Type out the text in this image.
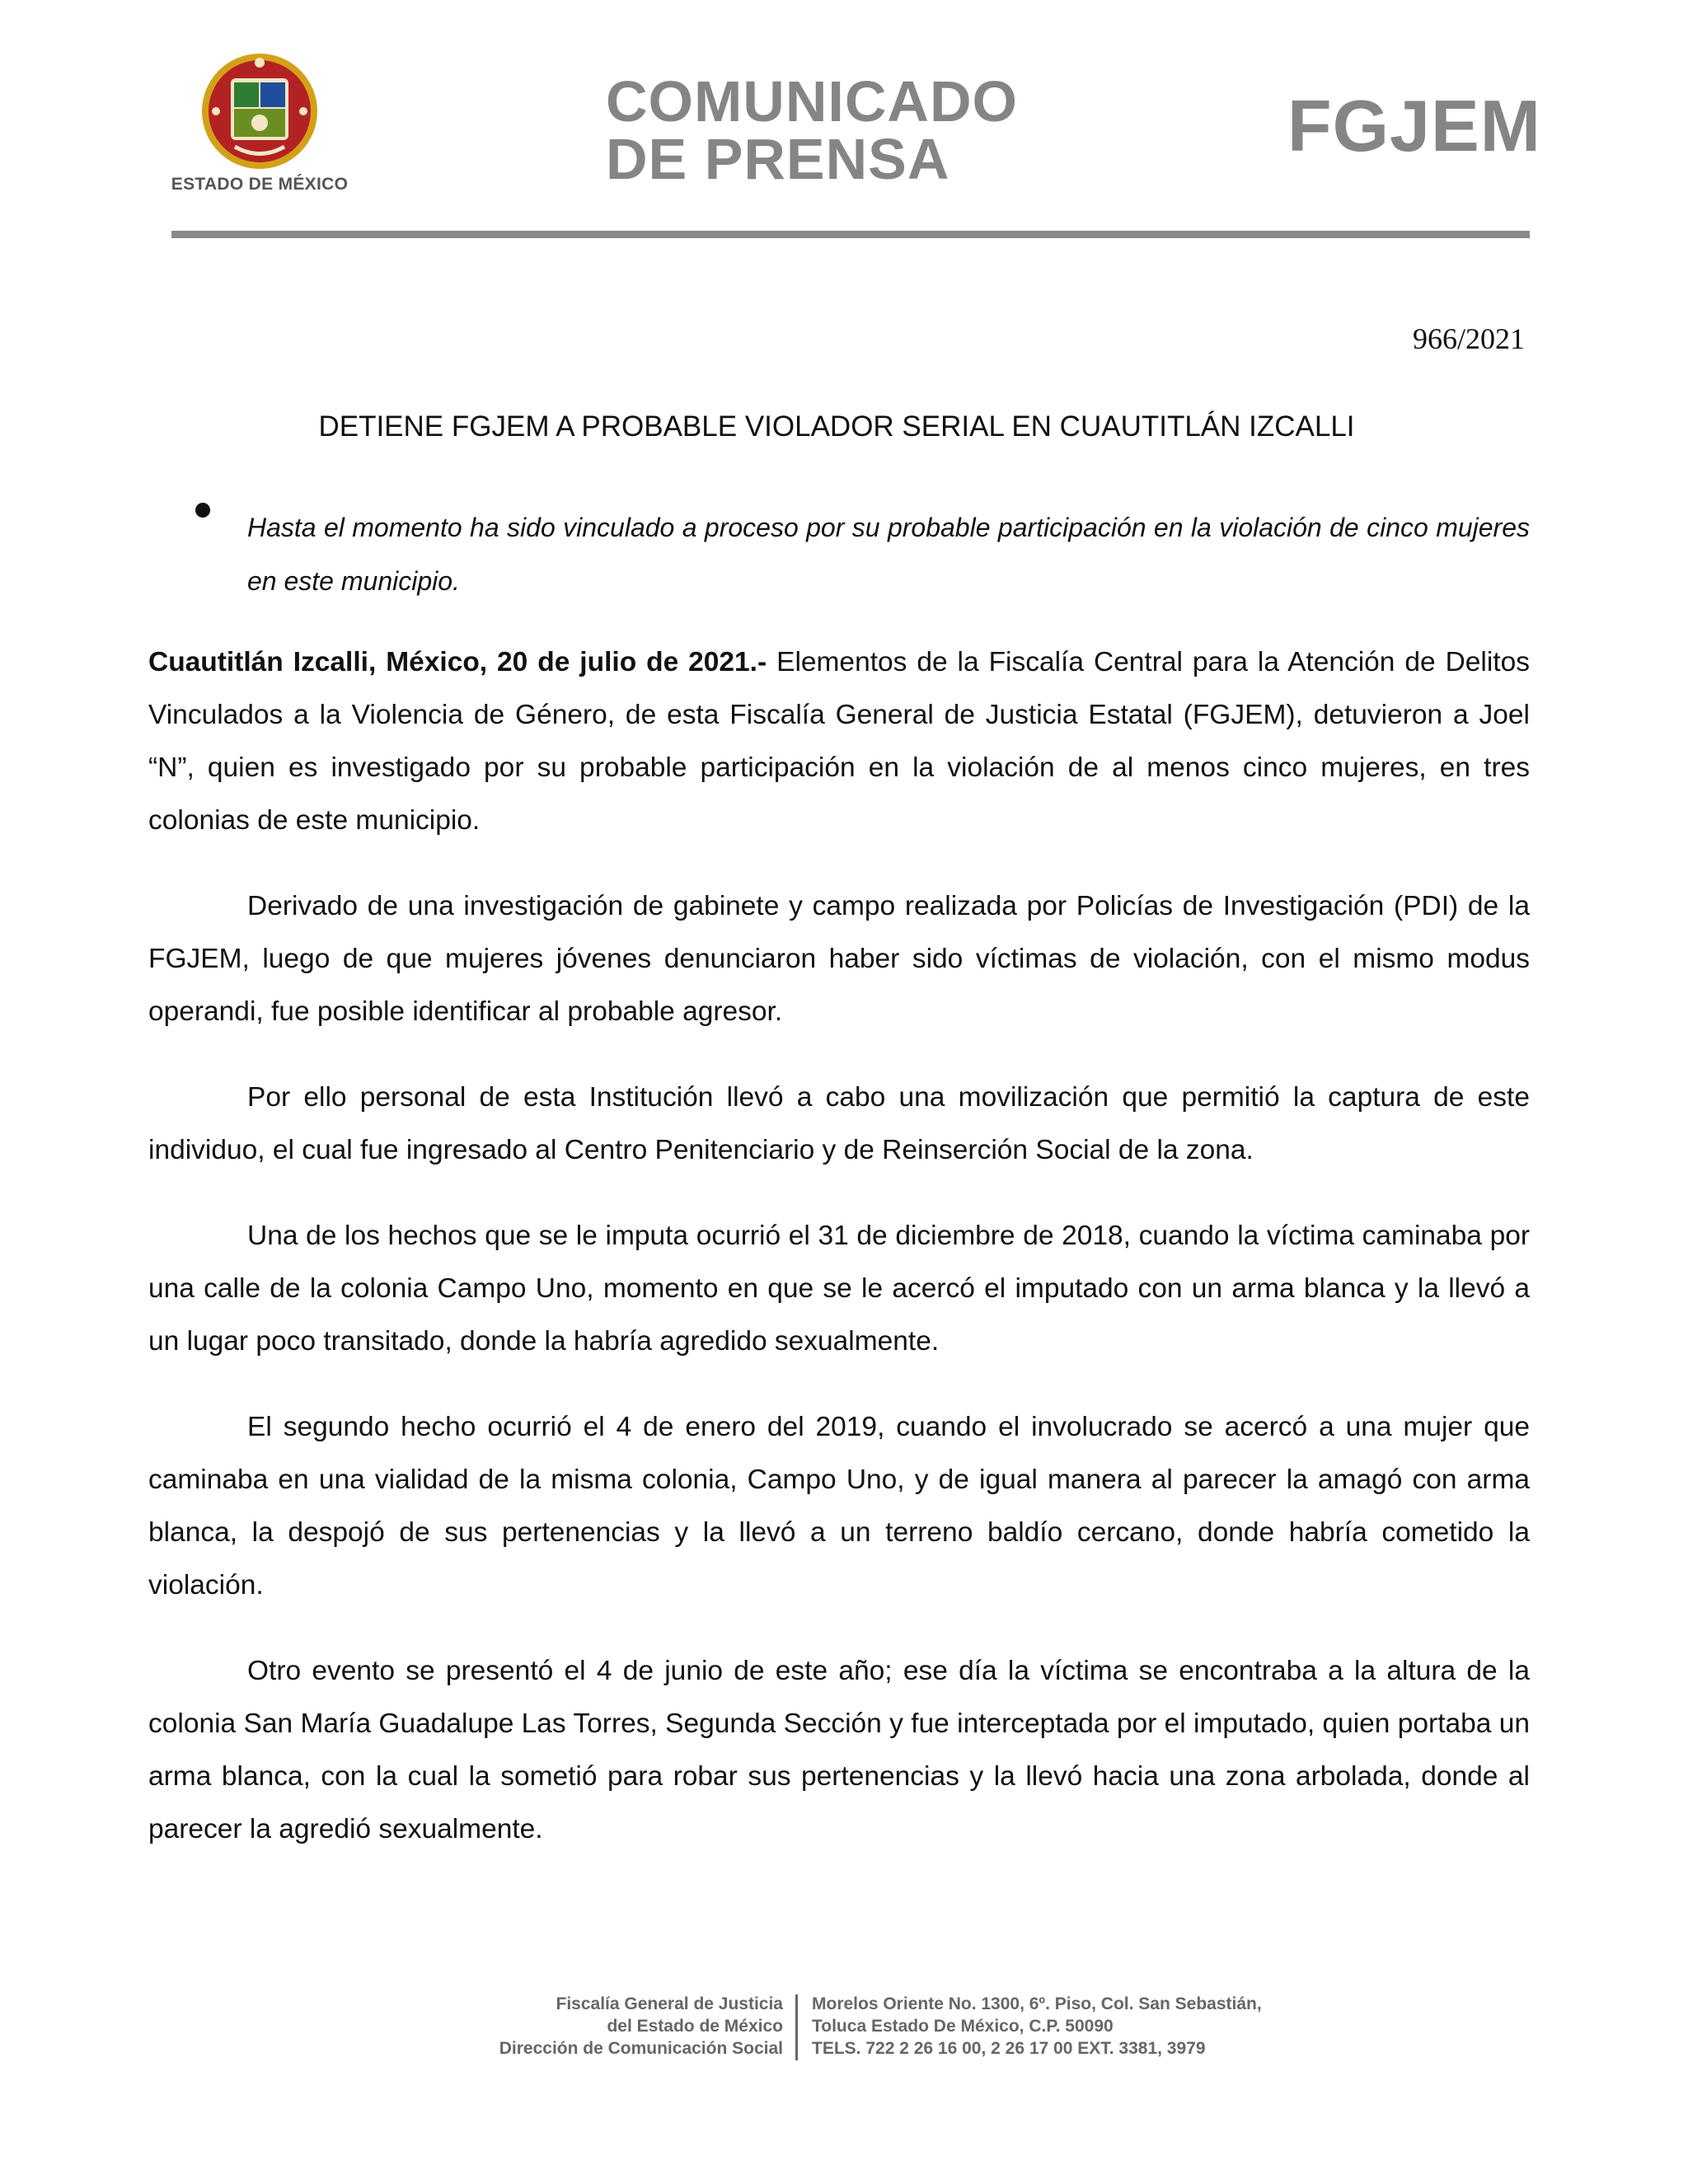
ESTADO DE MÉXICO
COMUNICADO
DE PRENSA	FGJEM
966/2021
DETIENE FGJEM A PROBABLE VIOLADOR SERIAL EN CUAUTITLÁN IZCALLI
Hasta el momento ha sido vinculado a proceso por su probable participación en la violación de cinco mujeres en este municipio.

Cuautitlán Izcalli, México, 20 de julio de 2021.- Elementos de la Fiscalía Central para la Atención de Delitos Vinculados a la Violencia de Género, de esta Fiscalía General de Justicia Estatal (FGJEM), detuvieron a Joel “N”, quien es investigado por su probable participación en la violación de al menos cinco mujeres, en tres colonias de este municipio.

Derivado de una investigación de gabinete y campo realizada por Policías de Investigación (PDI) de la FGJEM, luego de que mujeres jóvenes denunciaron haber sido víctimas de violación, con el mismo modus operandi, fue posible identificar al probable agresor.

Por ello personal de esta Institución llevó a cabo una movilización que permitió la captura de este individuo, el cual fue ingresado al Centro Penitenciario y de Reinserción Social de la zona.

Una de los hechos que se le imputa ocurrió el 31 de diciembre de 2018, cuando la víctima caminaba por una calle de la colonia Campo Uno, momento en que se le acercó el imputado con un arma blanca y la llevó a un lugar poco transitado, donde la habría agredido sexualmente.

El segundo hecho ocurrió el 4 de enero del 2019, cuando el involucrado se acercó a una mujer que caminaba en una vialidad de la misma colonia, Campo Uno, y de igual manera al parecer la amagó con arma blanca, la despojó de sus pertenencias y la llevó a un terreno baldío cercano, donde habría cometido la violación.

Otro evento se presentó el 4 de junio de este año; ese día la víctima se encontraba a la altura de la colonia San María Guadalupe Las Torres, Segunda Sección y fue interceptada por el imputado, quien portaba un arma blanca, con la cual la sometió para robar sus pertenencias y la llevó hacia una zona arbolada, donde al parecer la agredió sexualmente.

Fiscalía General de Justicia
del Estado de México
Dirección de Comunicación Social
Morelos Oriente No. 1300, 6º. Piso, Col. San Sebastián,
Toluca Estado De México, C.P. 50090
TELS. 722 2 26 16 00, 2 26 17 00 EXT. 3381, 3979
